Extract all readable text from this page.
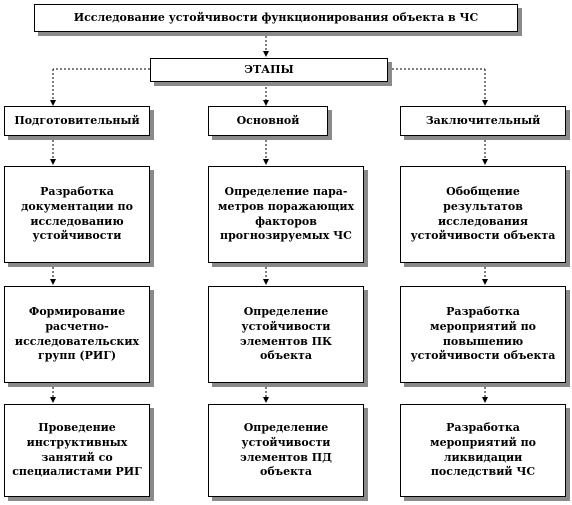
Исследование устойчивости функционирования объекта в ЧС
ЭТАПЫ
Подготовительный
Разработка
документации по
исследованию
устойчивости
Формирование
расчетно-
исследовательских
групп (РИГ)
Проведение
инструктивных
занятий со
специалистами РИГ
Основной
Определение пара-
метров поражающих
факторов
прогнозируемых ЧС
Определение
устойчивости
элементов ПК объекта
Определение
устойчивости
элементов ПД объекта
Заключительный
Обобщение
результатов
исследования
устойчивости объекта
Разработка
мероприятий по
повышению
устойчивости объекта
Разработка
мероприятий по
ликвидации
последствий ЧС
